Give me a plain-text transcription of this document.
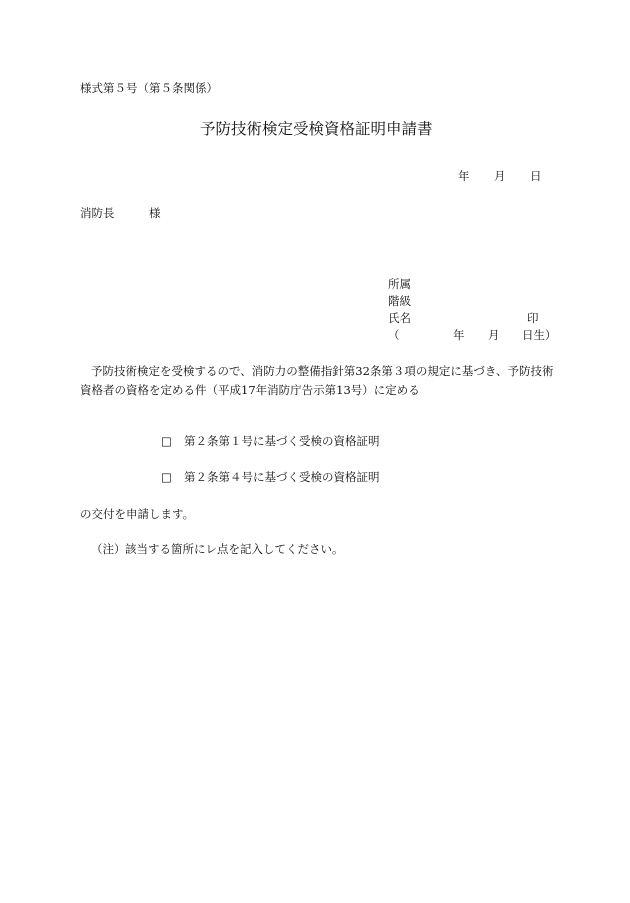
様式第５号（第５条関係）
予防技術検定受検資格証明申請書
年 月 日
消防長	様
所属
階級
氏名	印
（	年 月 日生）
予防技術検定を受検するので、消防力の整備指針第32条第３項の規定に基づき、予防技術資格者の資格を定める件（平成17年消防庁告示第13号）に定める
□ 第２条第１号に基づく受検の資格証明
□ 第２条第４号に基づく受検の資格証明
の交付を申請します。
（注） 該当する箇所にレ点を記入してください。
